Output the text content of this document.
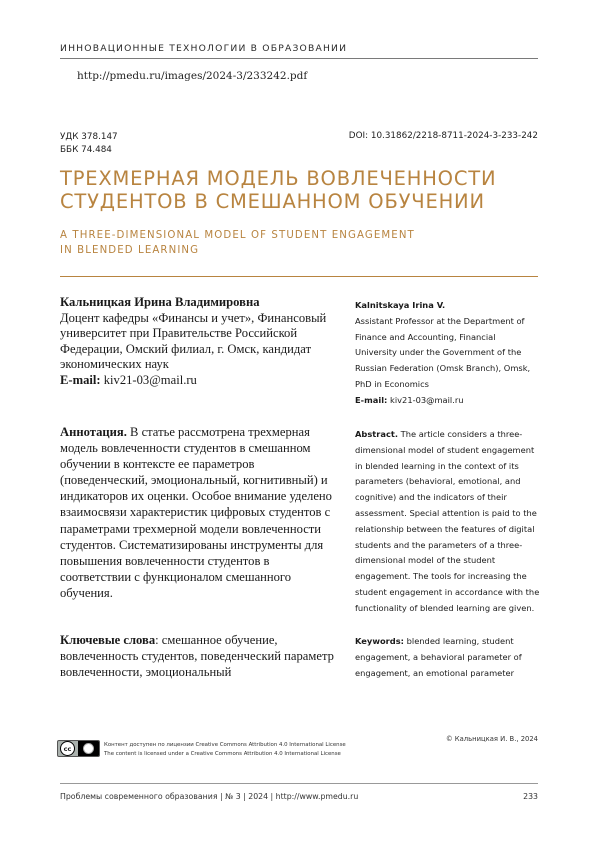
ИННОВАЦИОННЫЕ ТЕХНОЛОГИИ В ОБРАЗОВАНИИ
http://pmedu.ru/images/2024-3/233242.pdf
УДК 378.147
ББК 74.484
DOI: 10.31862/2218-8711-2024-3-233-242
ТРЕХМЕРНАЯ МОДЕЛЬ ВОВЛЕЧЕННОСТИ
СТУДЕНТОВ В СМЕШАННОМ ОБУЧЕНИИ
A THREE-DIMENSIONAL MODEL OF STUDENT ENGAGEMENT
IN BLENDED LEARNING
Кальницкая Ирина Владимировна

Доцент кафедры «Финансы и учет», Финансовый университет при Правительстве Российской Федерации, Омский филиал, г. Омск, кандидат экономических наук

E-mail: kiv21-03@mail.ru

Kalnitskaya Irina V.

Assistant Professor at the Department of Finance and Accounting, Financial University under the Government of the Russian Federation (Omsk Branch), Omsk, PhD in Economics

E-mail: kiv21-03@mail.ru

Аннотация. В статье рассмотрена трехмерная модель вовлеченности студентов в смешанном обучении в контексте ее параметров (поведенческий, эмоциональный, когнитивный) и индикаторов их оценки. Особое внимание уделено взаимосвязи характеристик цифровых студентов с параметрами трехмерной модели вовлеченности студентов. Систематизированы инструменты для повышения вовлеченности студентов в соответствии с функционалом смешанного обучения.

Abstract. The article considers a three-dimensional model of student engagement in blended learning in the context of its parameters (behavioral, emotional, and cognitive) and the indicators of their assessment. Special attention is paid to the relationship between the features of digital students and the parameters of a three-dimensional model of the student engagement. The tools for increasing the student engagement in accordance with the functionality of blended learning are given.

Ключевые слова: смешанное обучение, вовлеченность студентов, поведенческий параметр вовлеченности, эмоциональный

Keywords: blended learning, student engagement, a behavioral parameter of engagement, an emotional parameter

© Кальницкая И. В., 2024
cc	Контент доступен по лицензии Creative Commons Attribution 4.0 International License
The content is licensed under a Creative Commons Attribution 4.0 International License
Проблемы современного образования | № 3 | 2024 | http://www.pmedu.ru	233
